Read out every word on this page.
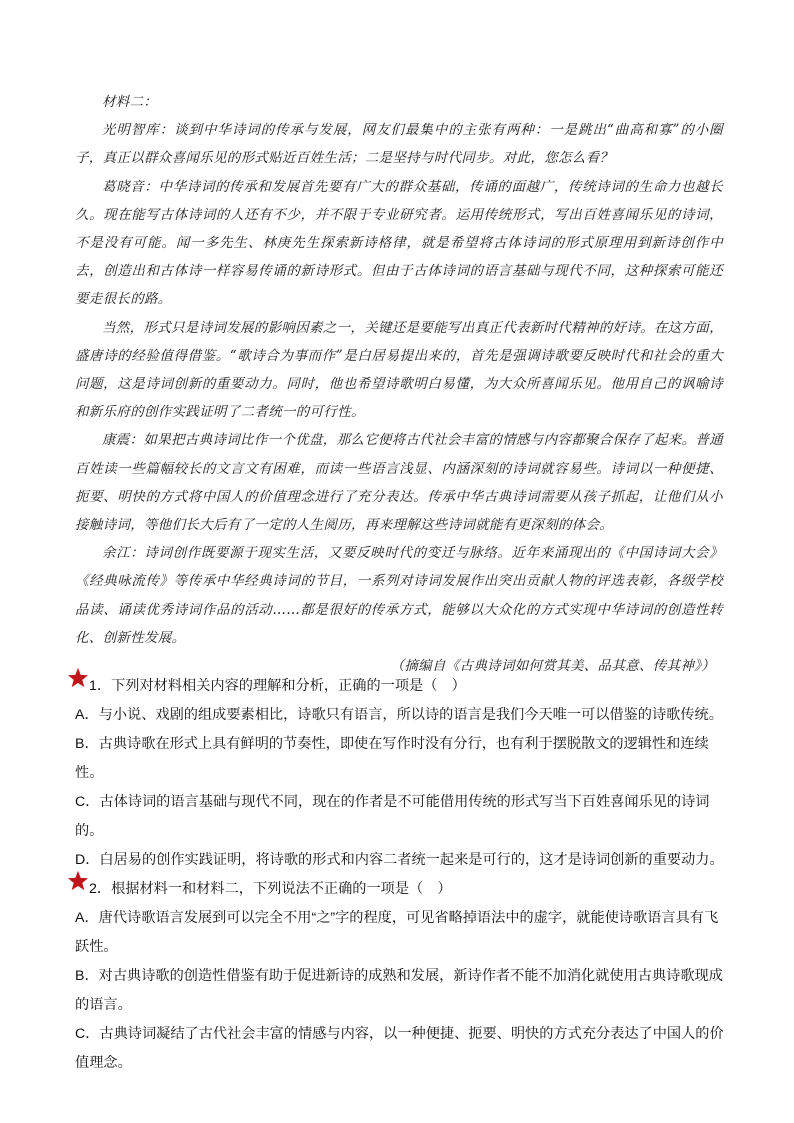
材料二：

光明智库：谈到中华诗词的传承与发展，网友们最集中的主张有两种：一是跳出“曲高和寡”的小圈子，真正以群众喜闻乐见的形式贴近百姓生活；二是坚持与时代同步。对此，您怎么看？

葛晓音：中华诗词的传承和发展首先要有广大的群众基础，传诵的面越广，传统诗词的生命力也越长久。现在能写古体诗词的人还有不少，并不限于专业研究者。运用传统形式，写出百姓喜闻乐见的诗词，不是没有可能。闻一多先生、林庚先生探索新诗格律，就是希望将古体诗词的形式原理用到新诗创作中去，创造出和古体诗一样容易传诵的新诗形式。但由于古体诗词的语言基础与现代不同，这种探索可能还要走很长的路。

当然，形式只是诗词发展的影响因素之一，关键还是要能写出真正代表新时代精神的好诗。在这方面，盛唐诗的经验值得借鉴。“歌诗合为事而作”是白居易提出来的，首先是强调诗歌要反映时代和社会的重大问题，这是诗词创新的重要动力。同时，他也希望诗歌明白易懂，为大众所喜闻乐见。他用自己的讽喻诗和新乐府的创作实践证明了二者统一的可行性。

康震：如果把古典诗词比作一个优盘，那么它便将古代社会丰富的情感与内容都聚合保存了起来。普通百姓读一些篇幅较长的文言文有困难，而读一些语言浅显、内涵深刻的诗词就容易些。诗词以一种便捷、扼要、明快的方式将中国人的价值理念进行了充分表达。传承中华古典诗词需要从孩子抓起，让他们从小接触诗词，等他们长大后有了一定的人生阅历，再来理解这些诗词就能有更深刻的体会。

余江：诗词创作既要源于现实生活，又要反映时代的变迁与脉络。近年来涌现出的《中国诗词大会》《经典咏流传》等传承中华经典诗词的节目，一系列对诗词发展作出突出贡献人物的评选表彰，各级学校品读、诵读优秀诗词作品的活动……都是很好的传承方式，能够以大众化的方式实现中华诗词的创造性转化、创新性发展。

（摘编自《古典诗词如何赏其美、品其意、传其神》）

1．下列对材料相关内容的理解和分析，正确的一项是（　）

A．与小说、戏剧的组成要素相比，诗歌只有语言，所以诗的语言是我们今天唯一可以借鉴的诗歌传统。

B．古典诗歌在形式上具有鲜明的节奏性，即使在写作时没有分行，也有利于摆脱散文的逻辑性和连续性。

C．古体诗词的语言基础与现代不同，现在的作者是不可能借用传统的形式写当下百姓喜闻乐见的诗词的。

D．白居易的创作实践证明，将诗歌的形式和内容二者统一起来是可行的，这才是诗词创新的重要动力。

2．根据材料一和材料二，下列说法不正确的一项是（　）

A．唐代诗歌语言发展到可以完全不用“之”字的程度，可见省略掉语法中的虚字，就能使诗歌语言具有飞跃性。

B．对古典诗歌的创造性借鉴有助于促进新诗的成熟和发展，新诗作者不能不加消化就使用古典诗歌现成的语言。

C．古典诗词凝结了古代社会丰富的情感与内容，以一种便捷、扼要、明快的方式充分表达了中国人的价值理念。
